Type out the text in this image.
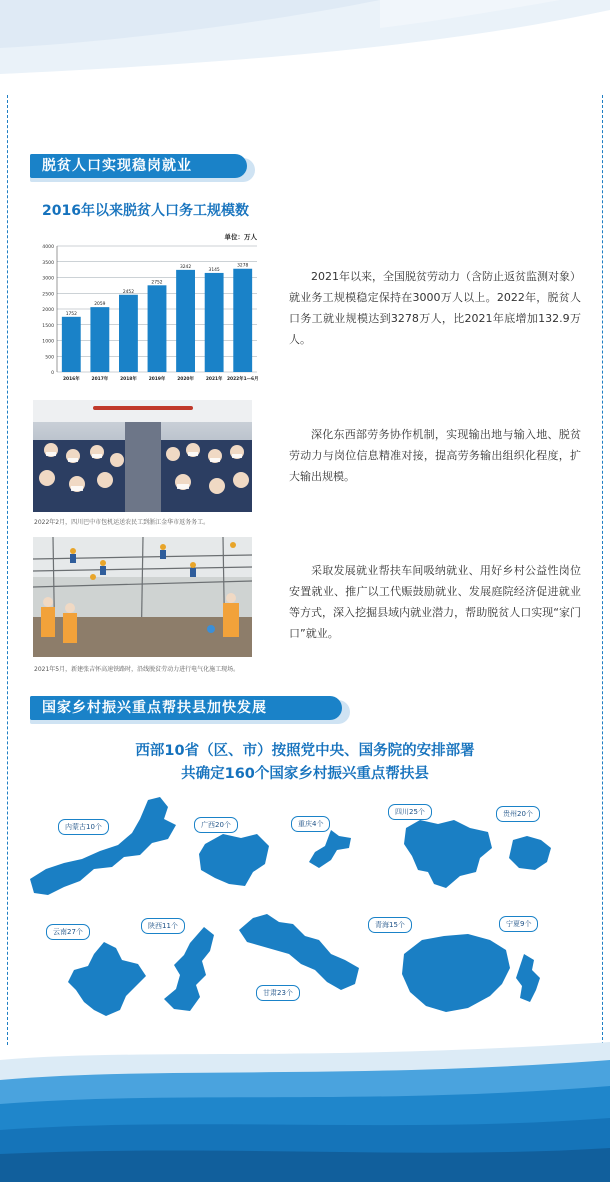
脱贫人口实现稳岗就业
2016年以来脱贫人口务工规模数
单位：万人
0
500
1000
1500
2000
2500
3000
3500
4000
1752
2016年
2059
2017年
2452
2018年
2752
2019年
3242
2020年
3145
2021年
3278
2022年1—6月
2021年以来，全国脱贫劳动力（含防止返贫监测对象）就业务工规模稳定保持在3000万人以上。2022年，脱贫人口务工就业规模达到3278万人，比2021年底增加132.9万人。
2022年2月，四川巴中市包机运送农民工到浙江金华市返务务工。
深化东西部劳务协作机制，实现输出地与输入地、脱贫劳动力与岗位信息精准对接，提高劳务输出组织化程度，扩大输出规模。
2021年5月，新建张吉怀高速铁路时，沿线脱贫劳动力进行电气化施工现场。
采取发展就业帮扶车间吸纳就业、用好乡村公益性岗位安置就业、推广以工代赈鼓励就业、发展庭院经济促进就业等方式，深入挖掘县域内就业潜力，帮助脱贫人口实现“家门口”就业。
国家乡村振兴重点帮扶县加快发展
西部10省（区、市）按照党中央、国务院的安排部署
共确定160个国家乡村振兴重点帮扶县
内蒙古10个	广西20个	重庆4个
四川25个	贵州20个
云南27个
陕西11个
甘肃23个
青海15个	宁夏9个
